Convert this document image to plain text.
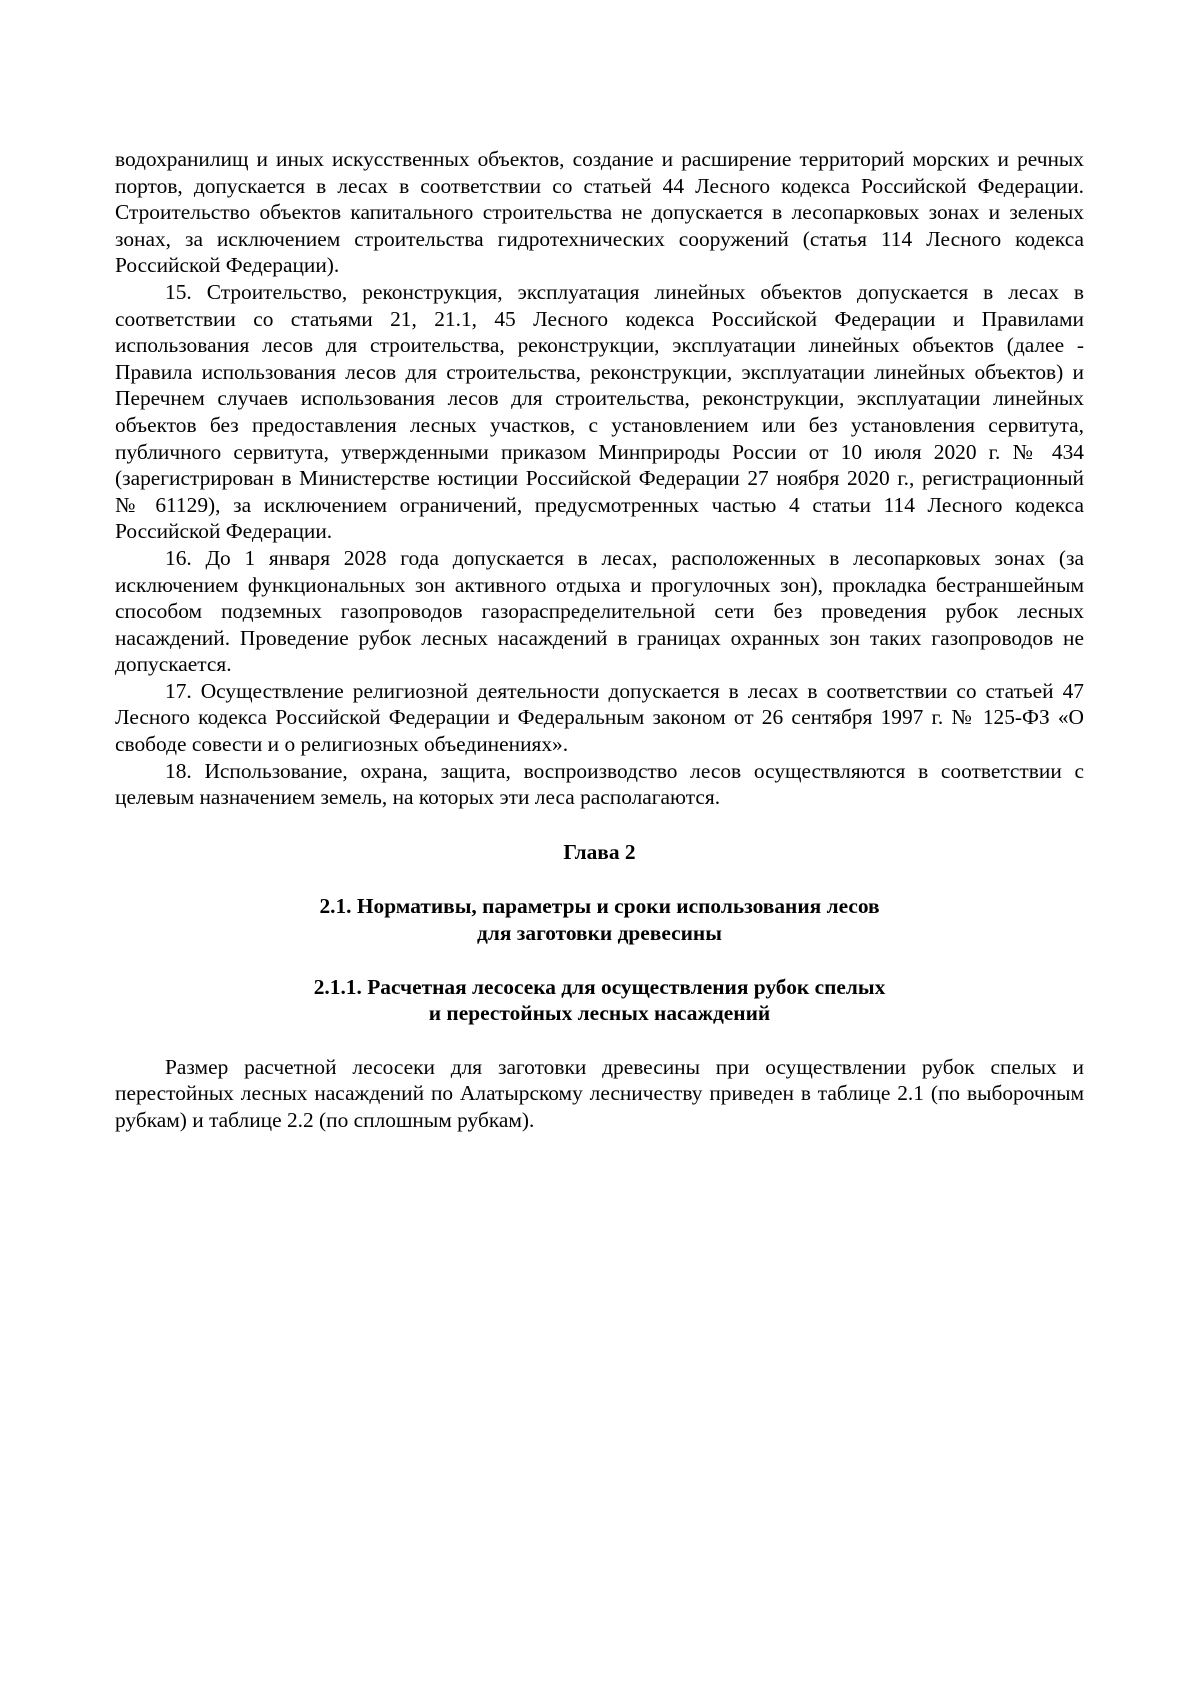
водохранилищ и иных искусственных объектов, создание и расширение территорий морских и речных портов, допускается в лесах в соответствии со статьей 44 Лесного кодекса Российской Федерации. Строительство объектов капитального строительства не допускается в лесопарковых зонах и зеленых зонах, за исключением строительства гидротехнических сооружений (статья 114 Лесного кодекса Российской Федерации).

15. Строительство, реконструкция, эксплуатация линейных объектов допускается в лесах в соответствии со статьями 21, 21.1, 45 Лесного кодекса Российской Федерации и Правилами использования лесов для строительства, реконструкции, эксплуатации линейных объектов (далее - Правила использования лесов для строительства, реконструкции, эксплуатации линейных объектов) и Перечнем случаев использования лесов для строительства, реконструкции, эксплуатации линейных объектов без предоставления лесных участков, с установлением или без установления сервитута, публичного сервитута, утвержденными приказом Минприроды России от 10 июля 2020 г. № 434 (зарегистрирован в Министерстве юстиции Российской Федерации 27 ноября 2020 г., регистрационный № 61129), за исключением ограничений, предусмотренных частью 4 статьи 114 Лесного кодекса Российской Федерации.

16. До 1 января 2028 года допускается в лесах, расположенных в лесопарковых зонах (за исключением функциональных зон активного отдыха и прогулочных зон), прокладка бестраншейным способом подземных газопроводов газораспределительной сети без проведения рубок лесных насаждений. Проведение рубок лесных насаждений в границах охранных зон таких газопроводов не допускается.

17. Осуществление религиозной деятельности допускается в лесах в соответствии со статьей 47 Лесного кодекса Российской Федерации и Федеральным законом от 26 сентября 1997 г. № 125-ФЗ «О свободе совести и о религиозных объединениях».

18. Использование, охрана, защита, воспроизводство лесов осуществляются в соответствии с целевым назначением земель, на которых эти леса располагаются.

Глава 2
2.1. Нормативы, параметры и сроки использования лесов
для заготовки древесины
2.1.1. Расчетная лесосека для осуществления рубок спелых
и перестойных лесных насаждений

Размер расчетной лесосеки для заготовки древесины при осуществлении рубок спелых и перестойных лесных насаждений по Алатырскому лесничеству приведен в таблице 2.1 (по выборочным рубкам) и таблице 2.2 (по сплошным рубкам).
